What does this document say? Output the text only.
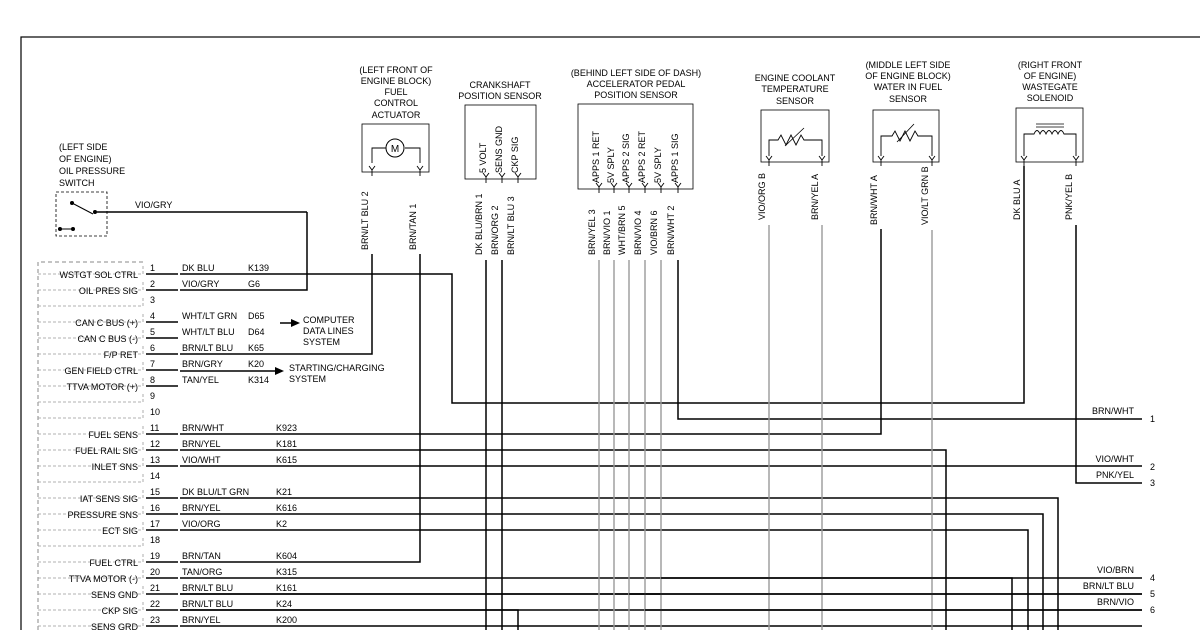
WSTGT SOL CTRL
1	DK BLU	K139
OIL PRES SIG
2	VIO/GRY	G6
3
CAN C BUS (+)
4	WHT/LT GRN D65
CAN C BUS (-)
5	WHT/LT BLU D64
F/P RET
6	BRN/LT BLU K65
GEN FIELD CTRL
7	BRN/GRY	K20
TTVA MOTOR (+)
8	TAN/YEL	K314
9
10
FUEL SENS
11	BRN/WHT	K923
FUEL RAIL SIG
12 BRN/YEL	K181
INLET SNS
13 VIO/WHT	K615
14
IAT SENS SIG
15 DK BLU/LT GRN	K21
PRESSURE SNS
16 BRN/YEL	K616
ECT SIG
17 VIO/ORG	K2
18
FUEL CTRL
19 BRN/TAN	K604
TTVA MOTOR (-)
20 TAN/ORG	K315
SENS GND
21 BRN/LT BLU	K161
CKP SIG
22 BRN/LT BLU	K24
SENS GRD
23 BRN/YEL	K200
(LEFT SIDE
OF ENGINE)
OIL PRESSURE
SWITCH
VIO/GRY
(LEFT FRONT OF
ENGINE BLOCK)
FUEL
CONTROL
ACTUATOR
M
CRANKSHAFT
POSITION SENSOR
5 VOLT SENS GND CKP SIG
(BEHIND LEFT SIDE OF DASH)
ACCELERATOR PEDAL
POSITION SENSOR
APPS 1 RET 5V SPLY APPS 2 SIG APPS 2 RET 5V SPLY APPS 1 SIG
ENGINE COOLANT
TEMPERATURE
SENSOR
(MIDDLE LEFT SIDE
OF ENGINE BLOCK)
WATER IN FUEL
SENSOR
(RIGHT FRONT
OF ENGINE)
WASTEGATE
SOLENOID
BRN/LT BLU 2	BRN/TAN 1	DK BLU/BRN 1 BRN/ORG 2 BRN/LT BLU 3	BRN/YEL 3 BRN/VIO 1 WHT/BRN 5 BRN/VIO 4 VIO/BRN 6 BRN/WHT 2
VIO/ORG B	BRN/YEL A	BRN/WHT A	VIO/LT GRN B	DK BLU A	PNK/YEL B
COMPUTER
DATA LINES
SYSTEM
STARTING/CHARGING
SYSTEM
BRN/WHT
1
VIO/WHT
2
PNK/YEL
3
VIO/BRN
4
BRN/LT BLU
5
BRN/VIO
6
